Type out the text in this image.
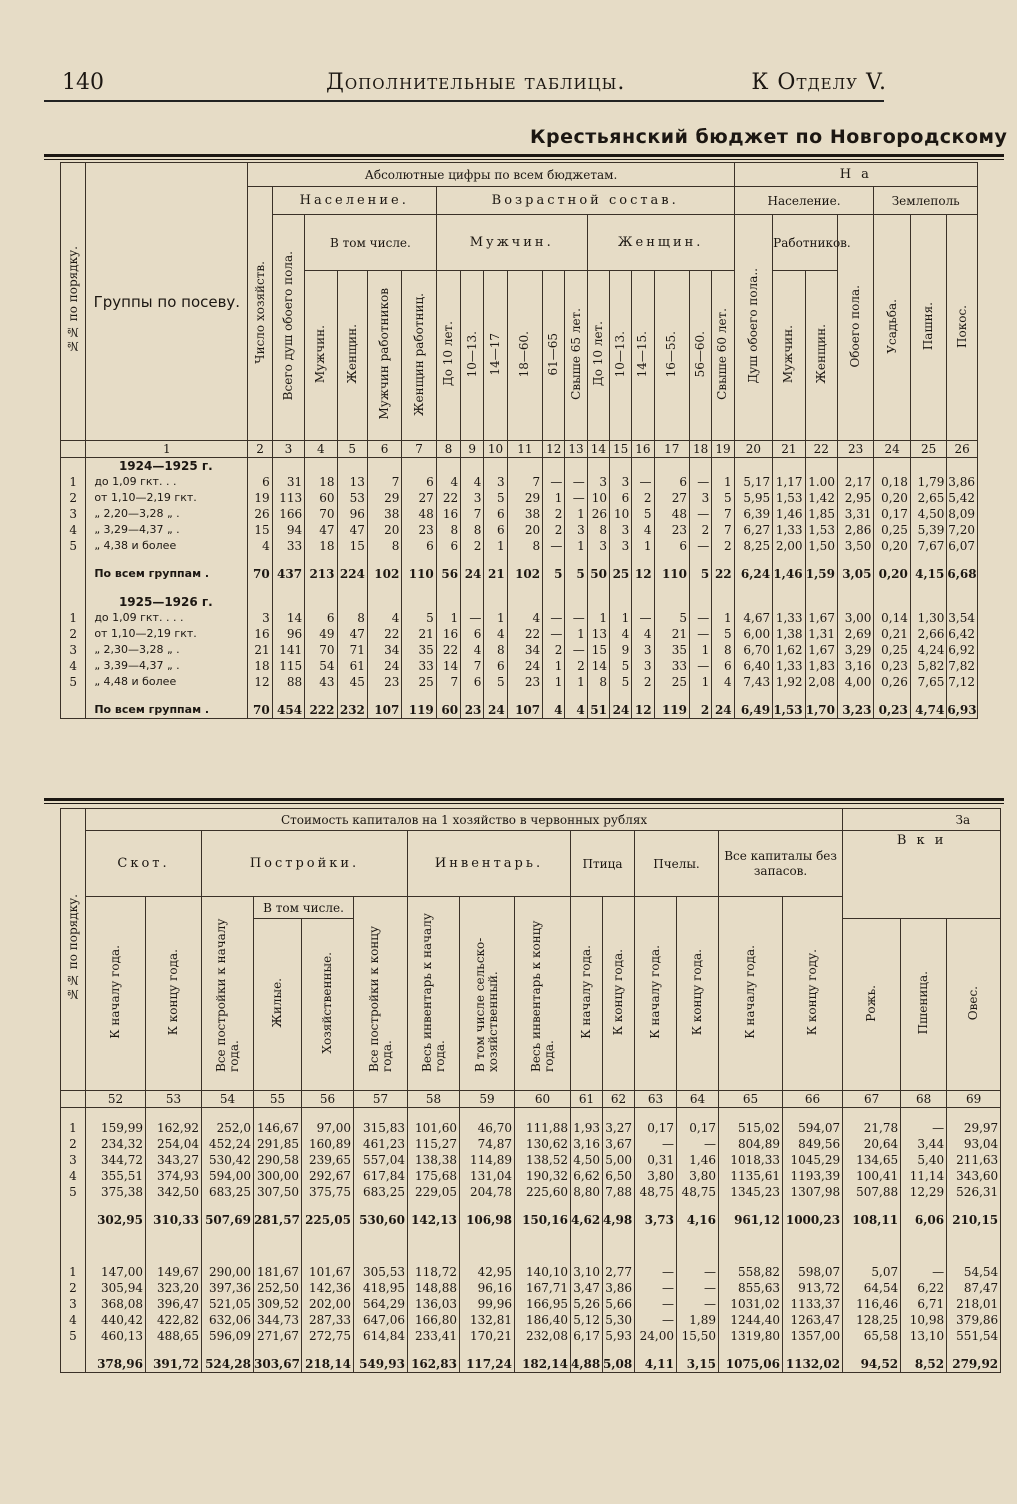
140	Дополнительные таблицы.	К Отделу V.
Крестьянский бюджет по Новгородскому
№№ по порядку.	Группы по посеву.	Абсолютные цифры по всем бюджетам.																		Н а						
		Число хозяйств.	Население.					Возрастной состав.												Население.				Землеполь		
			Всего душ обоего пола.	В том числе.				Мужчин.						Женщин.						Душ обоего пола..	Работников.		Обоего пола.	Усадьба.	Пашня.	Покос.
				Мужчин.	Женщин.	Мужчин работников	Женщин работниц.	До 10 лет.	10—13.	14—17	18—60.	61—65	Свыше 65 лет.	До 10 лет.	10—13.	14—15.	16—55.	56—60.	Свыше 60 лет.		Мужчин.	Женщин.				
	1	2	3	4	5	6	7	8	9	10	11	12	13	14	15	16	17	18	19	20	21	22	23	24	25	26
	1924—1925 г.																									
1	до 1,09 гкт. . .	6	31	18	13	7	6	4	4	3	7	—	—	3	3	—	6	—	1	5,17	1,17	1.00	2,17	0,18	1,79	3,86
2	от 1,10—2,19 гкт.	19	113	60	53	29	27	22	3	5	29	1	—	10	6	2	27	3	5	5,95	1,53	1,42	2,95	0,20	2,65	5,42
3	„ 2,20—3,28 „ .	26	166	70	96	38	48	16	7	6	38	2	1	26	10	5	48	—	7	6,39	1,46	1,85	3,31	0,17	4,50	8,09
4	„ 3,29—4,37 „ .	15	94	47	47	20	23	8	8	6	20	2	3	8	3	4	23	2	7	6,27	1,33	1,53	2,86	0,25	5,39	7,20
5	„ 4,38 и более	4	33	18	15	8	6	6	2	1	8	—	1	3	3	1	6	—	2	8,25	2,00	1,50	3,50	0,20	7,67	6,07

	По всем группам .	70	437	213	224	102	110	56	24	21	102	5	5	50	25	12	110	5	22	6,24	1,46	1,59	3,05	0,20	4,15	6,68

	1925—1926 г.																									
1	до 1,09 гкт. . . .	3	14	6	8	4	5	1	—	1	4	—	—	1	1	—	5	—	1	4,67	1,33	1,67	3,00	0,14	1,30	3,54
2	от 1,10—2,19 гкт.	16	96	49	47	22	21	16	6	4	22	—	1	13	4	4	21	—	5	6,00	1,38	1,31	2,69	0,21	2,66	6,42
3	„ 2,30—3,28 „ .	21	141	70	71	34	35	22	4	8	34	2	—	15	9	3	35	1	8	6,70	1,62	1,67	3,29	0,25	4,24	6,92
4	„ 3,39—4,37 „ .	18	115	54	61	24	33	14	7	6	24	1	2	14	5	3	33	—	6	6,40	1,33	1,83	3,16	0,23	5,82	7,82
5	„ 4,48 и более	12	88	43	45	23	25	7	6	5	23	1	1	8	5	2	25	1	4	7,43	1,92	2,08	4,00	0,26	7,65	7,12

	По всем группам .	70	454	222	232	107	119	60	23	24	107	4	4	51	24	12	119	2	24	6,49	1,53	1,70	3,23	0,23	4,74	6,93
№№ по порядку.	Стоимость капиталов на 1 хозяйство в червонных рублях															За		
	Скот.		Постройки.				Инвентарь.			Птица		Пчелы.		Все капиталы без запасов.		В к и		
	К началу года.	К концу года.	Все постройки к началу года.	В том числе.		Все постройки к концу года.	Весь инвентарь к началу года.	В том числе сельско-хозяйственный.	Весь инвентарь к концу года.	К началу года.	К концу года.	К началу года.	К концу года.	К началу года.	К концу году.			
				Жилые.	Хозяйственные.											Рожь.	Пшеница.	Овес.
	52	53	54	55	56	57	58	59	60	61	62	63	64	65	66	67	68	69

1	159,99	162,92	252,0	146,67	97,00	315,83	101,60	46,70	111,88	1,93	3,27	0,17	0,17	515,02	594,07	21,78	—	29,97
2	234,32	254,04	452,24	291,85	160,89	461,23	115,27	74,87	130,62	3,16	3,67	—	—	804,89	849,56	20,64	3,44	93,04
3	344,72	343,27	530,42	290,58	239,65	557,04	138,38	114,89	138,52	4,50	5,00	0,31	1,46	1018,33	1045,29	134,65	5,40	211,63
4	355,51	374,93	594,00	300,00	292,67	617,84	175,68	131,04	190,32	6,62	6,50	3,80	3,80	1135,61	1193,39	100,41	11,14	343,60
5	375,38	342,50	683,25	307,50	375,75	683,25	229,05	204,78	225,60	8,80	7,88	48,75	48,75	1345,23	1307,98	507,88	12,29	526,31

	302,95	310,33	507,69	281,57	225,05	530,60	142,13	106,98	150,16	4,62	4,98	3,73	4,16	961,12	1000,23	108,11	6,06	210,15

1	147,00	149,67	290,00	181,67	101,67	305,53	118,72	42,95	140,10	3,10	2,77	—	—	558,82	598,07	5,07	—	54,54
2	305,94	323,20	397,36	252,50	142,36	418,95	148,88	96,16	167,71	3,47	3,86	—	—	855,63	913,72	64,54	6,22	87,47
3	368,08	396,47	521,05	309,52	202,00	564,29	136,03	99,96	166,95	5,26	5,66	—	—	1031,02	1133,37	116,46	6,71	218,01
4	440,42	422,82	632,06	344,73	287,33	647,06	166,80	132,81	186,40	5,12	5,30	—	1,89	1244,40	1263,47	128,25	10,98	379,86
5	460,13	488,65	596,09	271,67	272,75	614,84	233,41	170,21	232,08	6,17	5,93	24,00	15,50	1319,80	1357,00	65,58	13,10	551,54

	378,96	391,72	524,28	303,67	218,14	549,93	162,83	117,24	182,14	4,88	5,08	4,11	3,15	1075,06	1132,02	94,52	8,52	279,92
